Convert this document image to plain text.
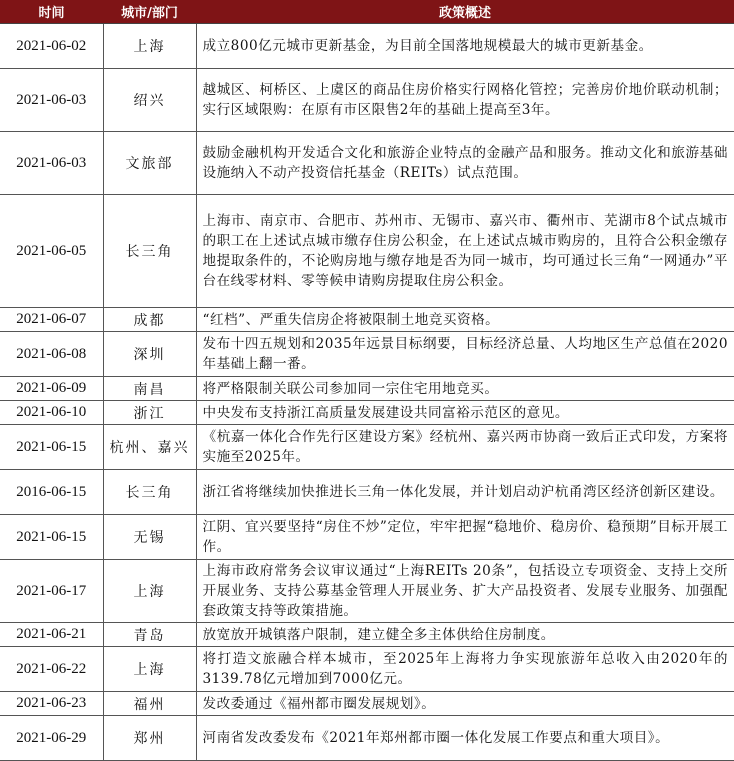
时间	城市/部门	政策概述
2021-06-02	上海	成立800亿元城市更新基金，为目前全国落地规模最大的城市更新基金。
2021-06-03	绍兴	越城区、柯桥区、上虞区的商品住房价格实行网格化管控；完善房价地价联动机制；实行区域限购：在原有市区限售2年的基础上提高至3年。
2021-06-03	文旅部	鼓励金融机构开发适合文化和旅游企业特点的金融产品和服务。推动文化和旅游基础设施纳入不动产投资信托基金（REITs）试点范围。
2021-06-05	长三角	上海市、南京市、合肥市、苏州市、无锡市、嘉兴市、衢州市、芜湖市8个试点城市的职工在上述试点城市缴存住房公积金，在上述试点城市购房的，且符合公积金缴存地提取条件的，不论购房地与缴存地是否为同一城市，均可通过长三角“一网通办”平台在线零材料、零等候申请购房提取住房公积金。
2021-06-07	成都	“红档”、严重失信房企将被限制土地竞买资格。
2021-06-08	深圳	发布十四五规划和2035年远景目标纲要，目标经济总量、人均地区生产总值在2020年基础上翻一番。
2021-06-09	南昌	将严格限制关联公司参加同一宗住宅用地竞买。
2021-06-10	浙江	中央发布支持浙江高质量发展建设共同富裕示范区的意见。
2021-06-15	杭州、嘉兴	《杭嘉一体化合作先行区建设方案》经杭州、嘉兴两市协商一致后正式印发，方案将实施至2025年。
2016-06-15	长三角	浙江省将继续加快推进长三角一体化发展，并计划启动沪杭甬湾区经济创新区建设。
2021-06-15	无锡	江阴、宜兴要坚持“房住不炒”定位，牢牢把握“稳地价、稳房价、稳预期”目标开展工作。
2021-06-17	上海	上海市政府常务会议审议通过“上海REITs 20条”，包括设立专项资金、支持上交所开展业务、支持公募基金管理人开展业务、扩大产品投资者、发展专业服务、加强配套政策支持等政策措施。
2021-06-21	青岛	放宽放开城镇落户限制，建立健全多主体供给住房制度。
2021-06-22	上海	将打造文旅融合样本城市，至2025年上海将力争实现旅游年总收入由2020年的3139.78亿元增加到7000亿元。
2021-06-23	福州	发改委通过《福州都市圈发展规划》。
2021-06-29	郑州	河南省发改委发布《2021年郑州都市圈一体化发展工作要点和重大项目》。
